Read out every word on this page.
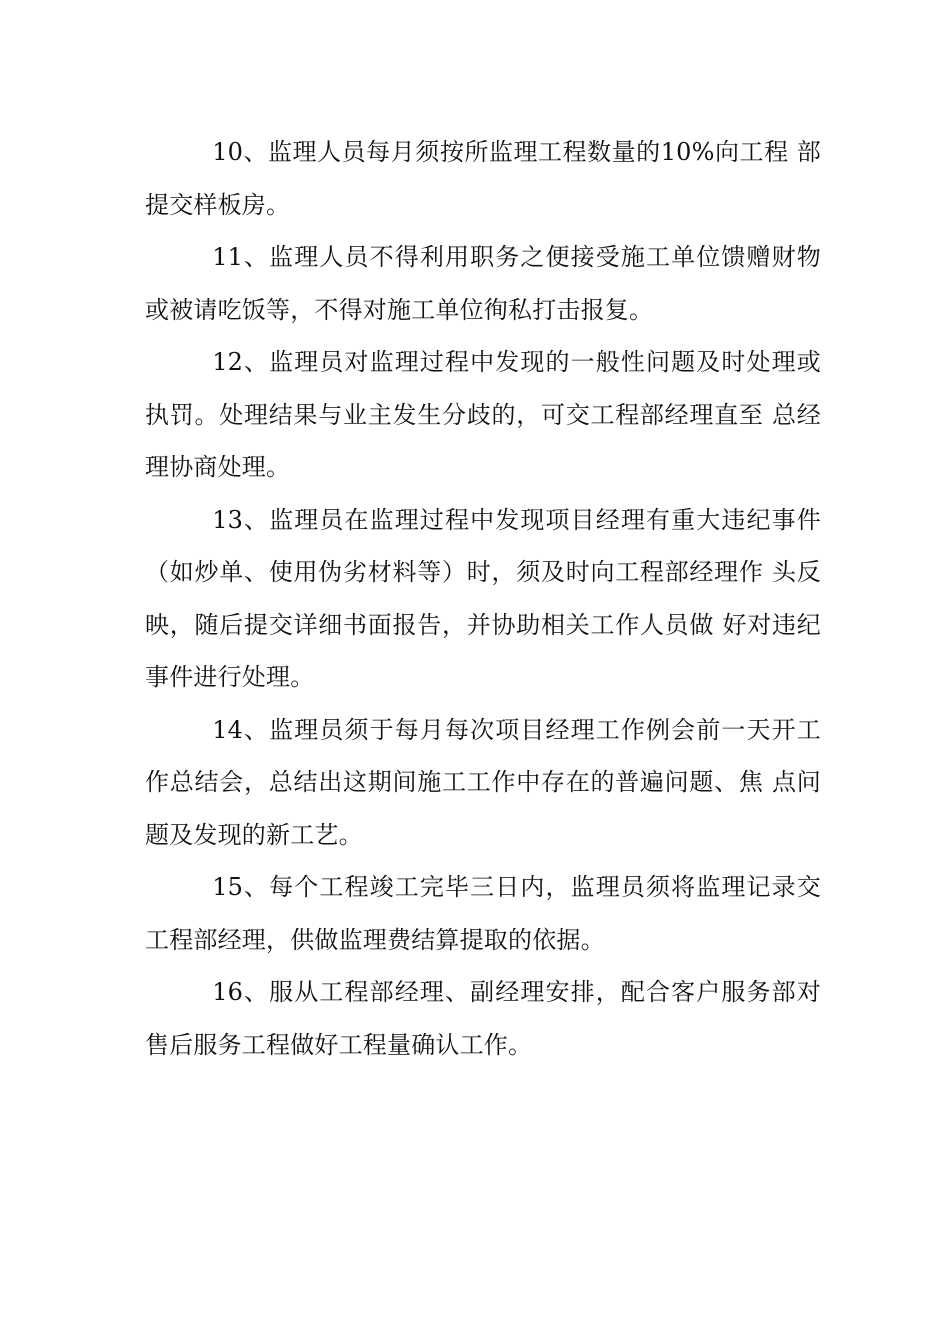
10、监理人员每月须按所监理工程数量的10%向工程 部提交样板房。

11、监理人员不得利用职务之便接受施工单位馈赠财物或被请吃饭等，不得对施工单位徇私打击报复。

12、监理员对监理过程中发现的一般性问题及时处理或执罚。处理结果与业主发生分歧的，可交工程部经理直至 总经理协商处理。

13、监理员在监理过程中发现项目经理有重大违纪事件（如炒单、使用伪劣材料等）时，须及时向工程部经理作 头反映，随后提交详细书面报告，并协助相关工作人员做 好对违纪事件进行处理。

14、监理员须于每月每次项目经理工作例会前一天开工作总结会，总结出这期间施工工作中存在的普遍问题、焦 点问题及发现的新工艺。

15、每个工程竣工完毕三日内，监理员须将监理记录交工程部经理，供做监理费结算提取的依据。

16、服从工程部经理、副经理安排，配合客户服务部对售后服务工程做好工程量确认工作。
